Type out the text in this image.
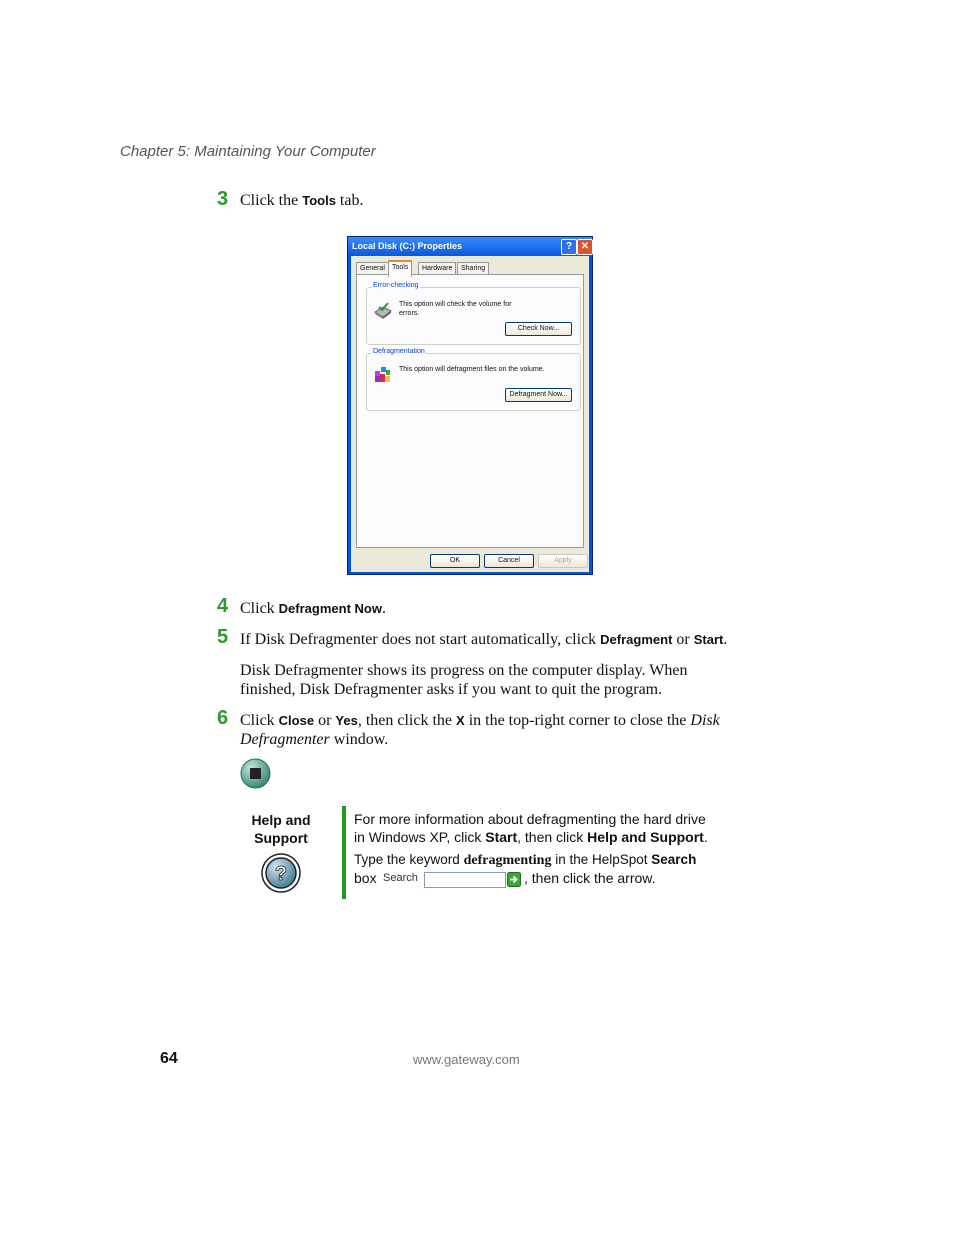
Chapter 5: Maintaining Your Computer
3 Click the Tools tab.
Local Disk (C:) Properties	? ✕
General	Tools	Hardware	Sharing
Error-checking
This option will check the volume for errors.
Check Now...
Defragmentation
This option will defragment files on the volume.
Defragment Now...
OK	Cancel	Apply
4 Click Defragment Now.
5 If Disk Defragmenter does not start automatically, click Defragment or Start.
Disk Defragmenter shows its progress on the computer display. When
finished, Disk Defragmenter asks if you want to quit the program.
6 Click Close or Yes, then click the X in the top-right corner to close the Disk
Defragmenter window.
Help and
Support
?
For more information about defragmenting the hard drive
in Windows XP, click Start, then click Help and Support.
Type the keyword defragmenting in the HelpSpot Search
box Search	, then click the arrow.
64	www.gateway.com
